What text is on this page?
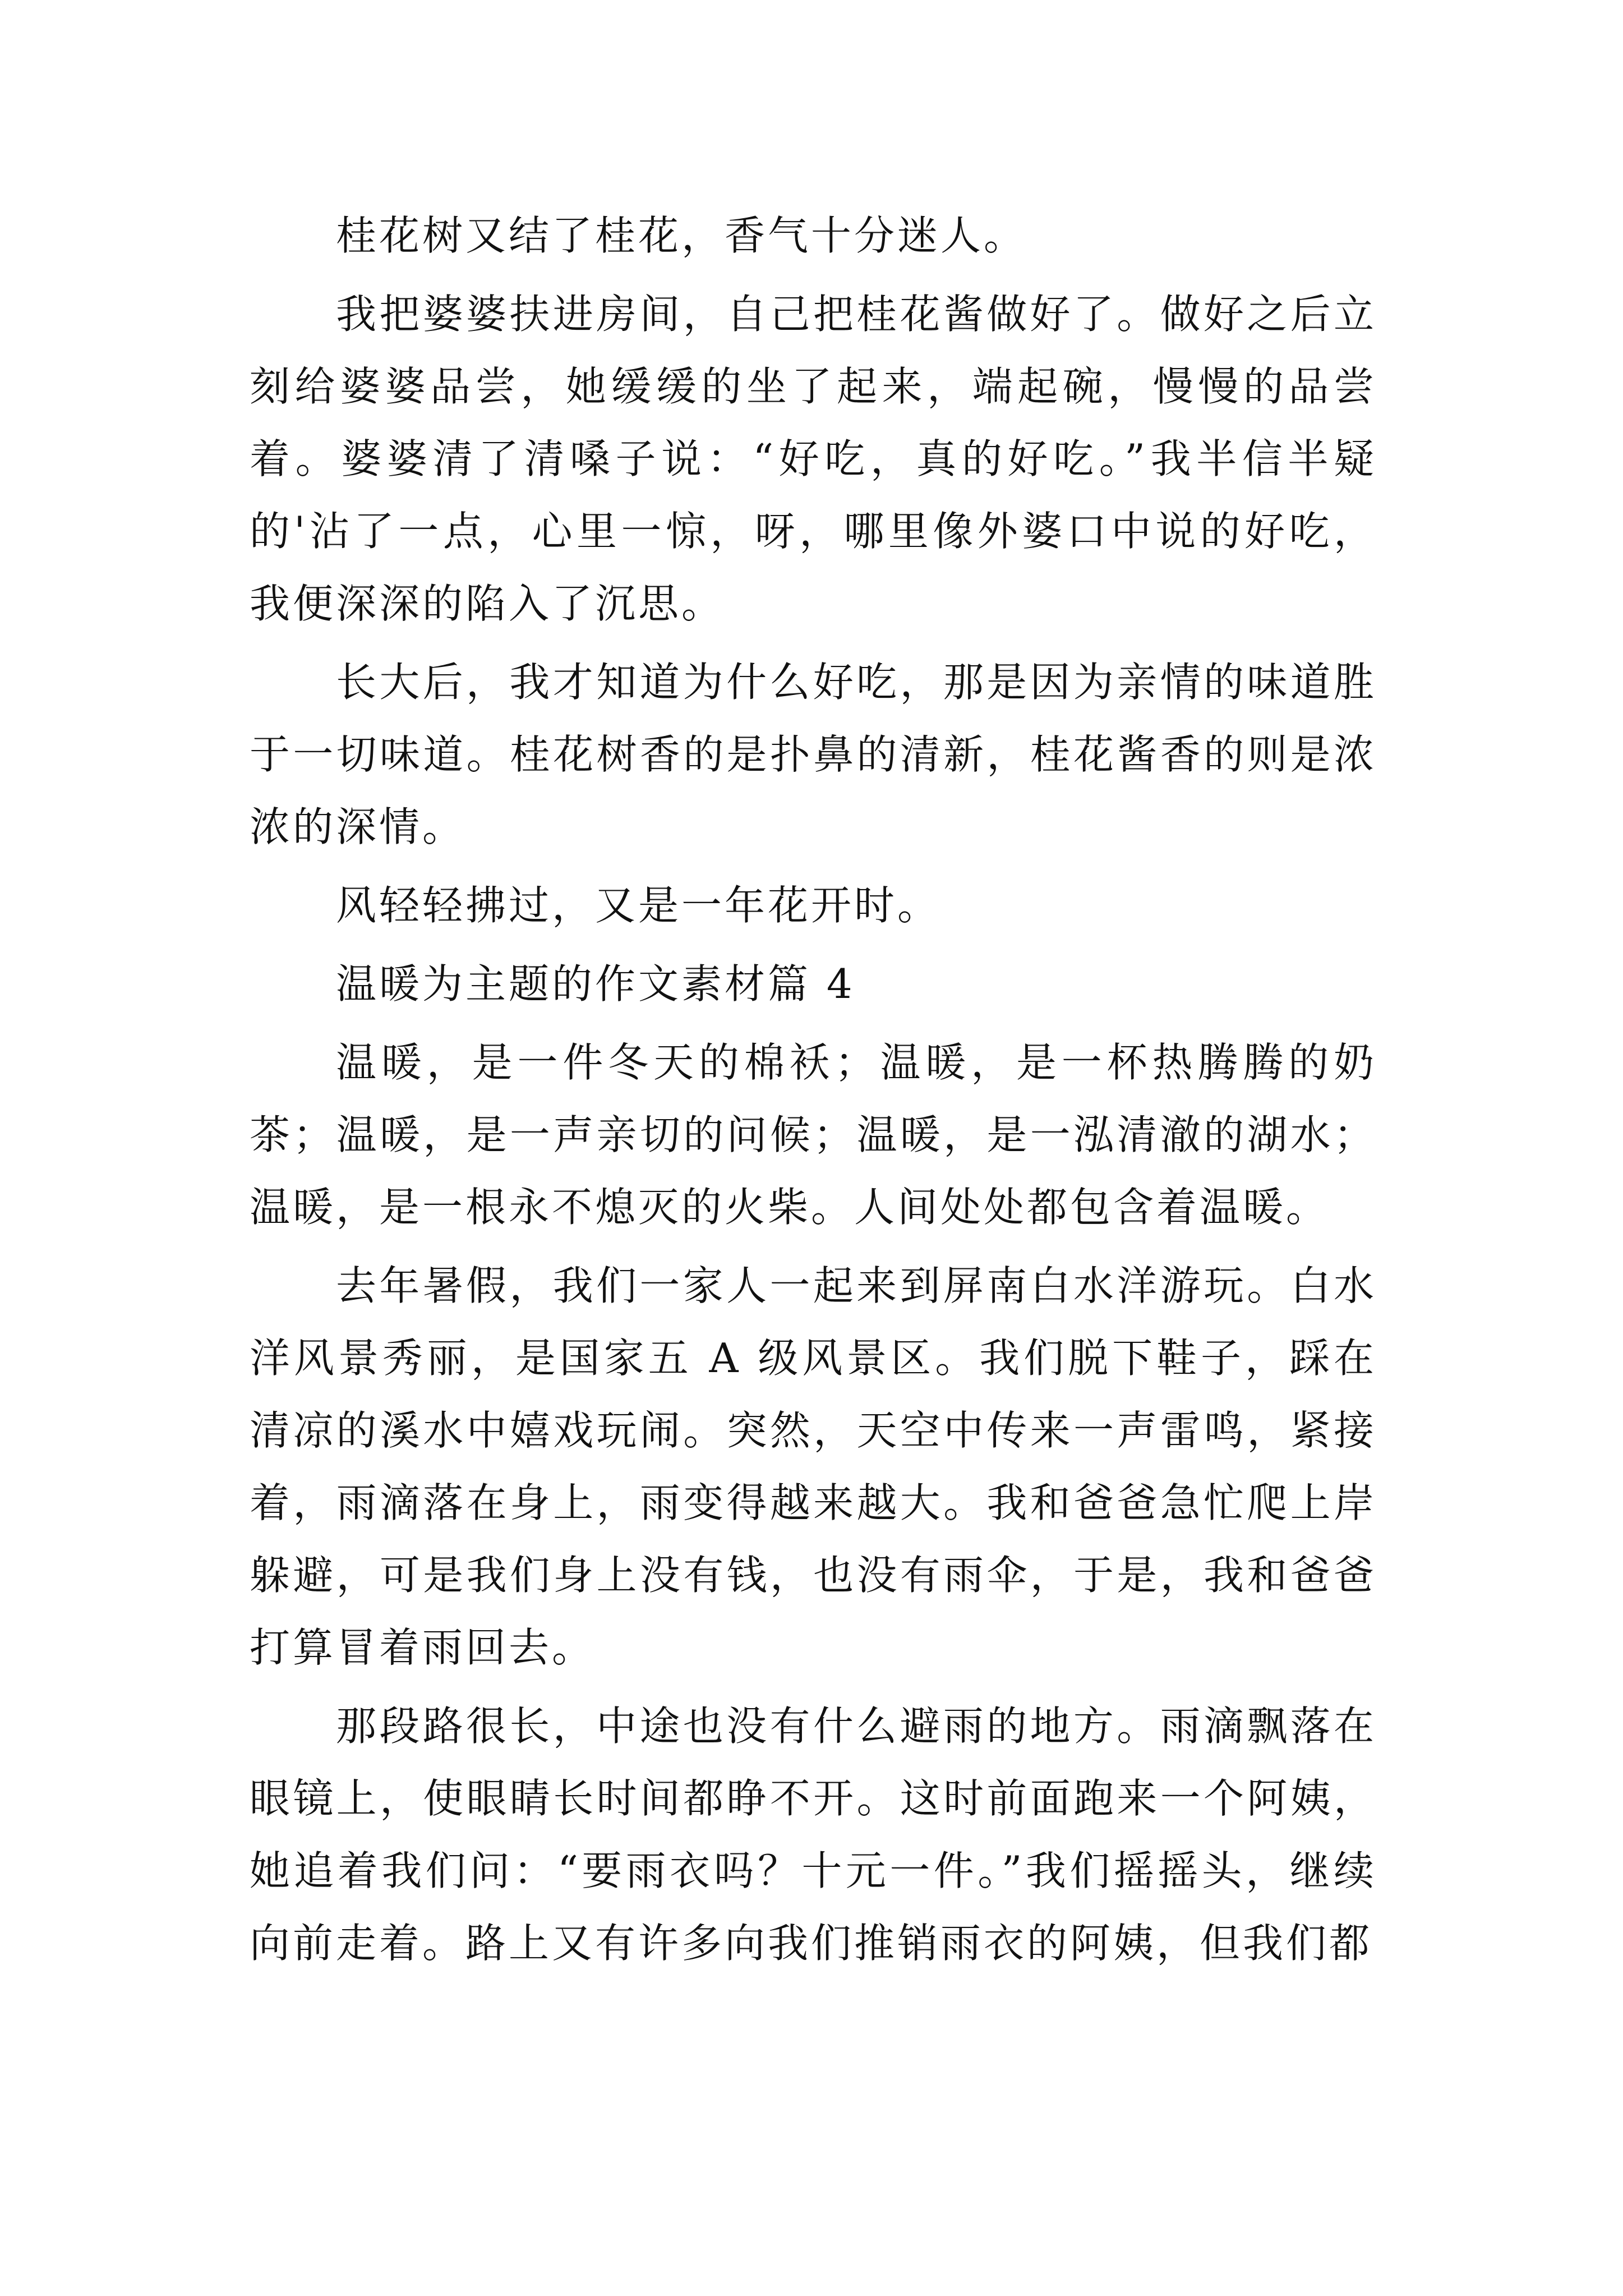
桂花树又结了桂花，香气十分迷人。

我把婆婆扶进房间，自己把桂花酱做好了。做好之后立刻给婆婆品尝，她缓缓的坐了起来，端起碗，慢慢的品尝着。婆婆清了清嗓子说：“好吃，真的好吃。”我半信半疑的'沾了一点，心里一惊，呀，哪里像外婆口中说的好吃，我便深深的陷入了沉思。

长大后，我才知道为什么好吃，那是因为亲情的味道胜于一切味道。桂花树香的是扑鼻的清新，桂花酱香的则是浓浓的深情。

风轻轻拂过，又是一年花开时。

温暖为主题的作文素材篇 4

温暖，是一件冬天的棉袄；温暖，是一杯热腾腾的奶茶；温暖，是一声亲切的问候；温暖，是一泓清澈的湖水；温暖，是一根永不熄灭的火柴。人间处处都包含着温暖。

去年暑假，我们一家人一起来到屏南白水洋游玩。白水洋风景秀丽，是国家五 A 级风景区。我们脱下鞋子，踩在清凉的溪水中嬉戏玩闹。突然，天空中传来一声雷鸣，紧接着，雨滴落在身上，雨变得越来越大。我和爸爸急忙爬上岸躲避，可是我们身上没有钱，也没有雨伞，于是，我和爸爸打算冒着雨回去。

那段路很长，中途也没有什么避雨的地方。雨滴飘落在眼镜上，使眼睛长时间都睁不开。这时前面跑来一个阿姨，她追着我们问：“要雨衣吗？十元一件。”我们摇摇头，继续向前走着。路上又有许多向我们推销雨衣的阿姨，但我们都
